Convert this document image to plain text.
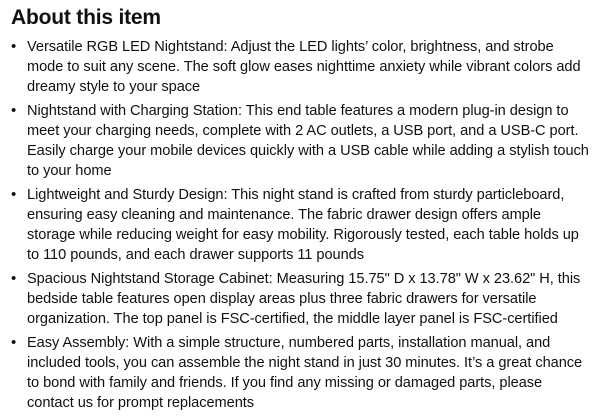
About this item
• Versatile RGB LED Nightstand: Adjust the LED lights’ color, brightness, and strobe
mode to suit any scene. The soft glow eases nighttime anxiety while vibrant colors add
dreamy style to your space
• Nightstand with Charging Station: This end table features a modern plug-in design to
meet your charging needs, complete with 2 AC outlets, a USB port, and a USB-C port.
Easily charge your mobile devices quickly with a USB cable while adding a stylish touch
to your home
• Lightweight and Sturdy Design: This night stand is crafted from sturdy particleboard,
ensuring easy cleaning and maintenance. The fabric drawer design offers ample
storage while reducing weight for easy mobility. Rigorously tested, each table holds up
to 110 pounds, and each drawer supports 11 pounds
• Spacious Nightstand Storage Cabinet: Measuring 15.75" D x 13.78" W x 23.62" H, this
bedside table features open display areas plus three fabric drawers for versatile
organization. The top panel is FSC-certified, the middle layer panel is FSC-certified
• Easy Assembly: With a simple structure, numbered parts, installation manual, and
included tools, you can assemble the night stand in just 30 minutes. It’s a great chance
to bond with family and friends. If you find any missing or damaged parts, please
contact us for prompt replacements
